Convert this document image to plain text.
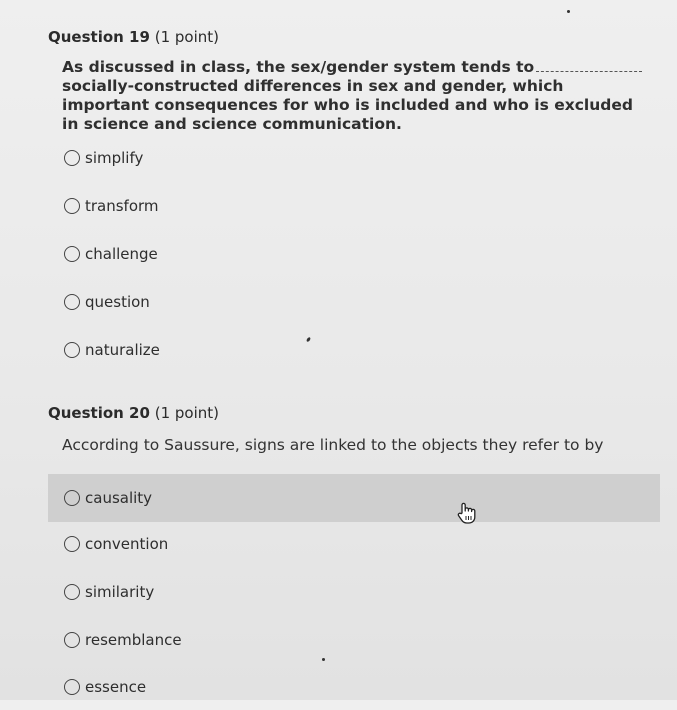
Question 19 (1 point)
As discussed in class, the sex/gender system tends tosocially-constructed differences in sex and gender, which important consequences for who is included and who is excluded in science and science communication.
simplify
transform
challenge
question
naturalize
Question 20 (1 point)
According to Saussure, signs are linked to the objects they refer to by
causality
convention
similarity
resemblance
essence
